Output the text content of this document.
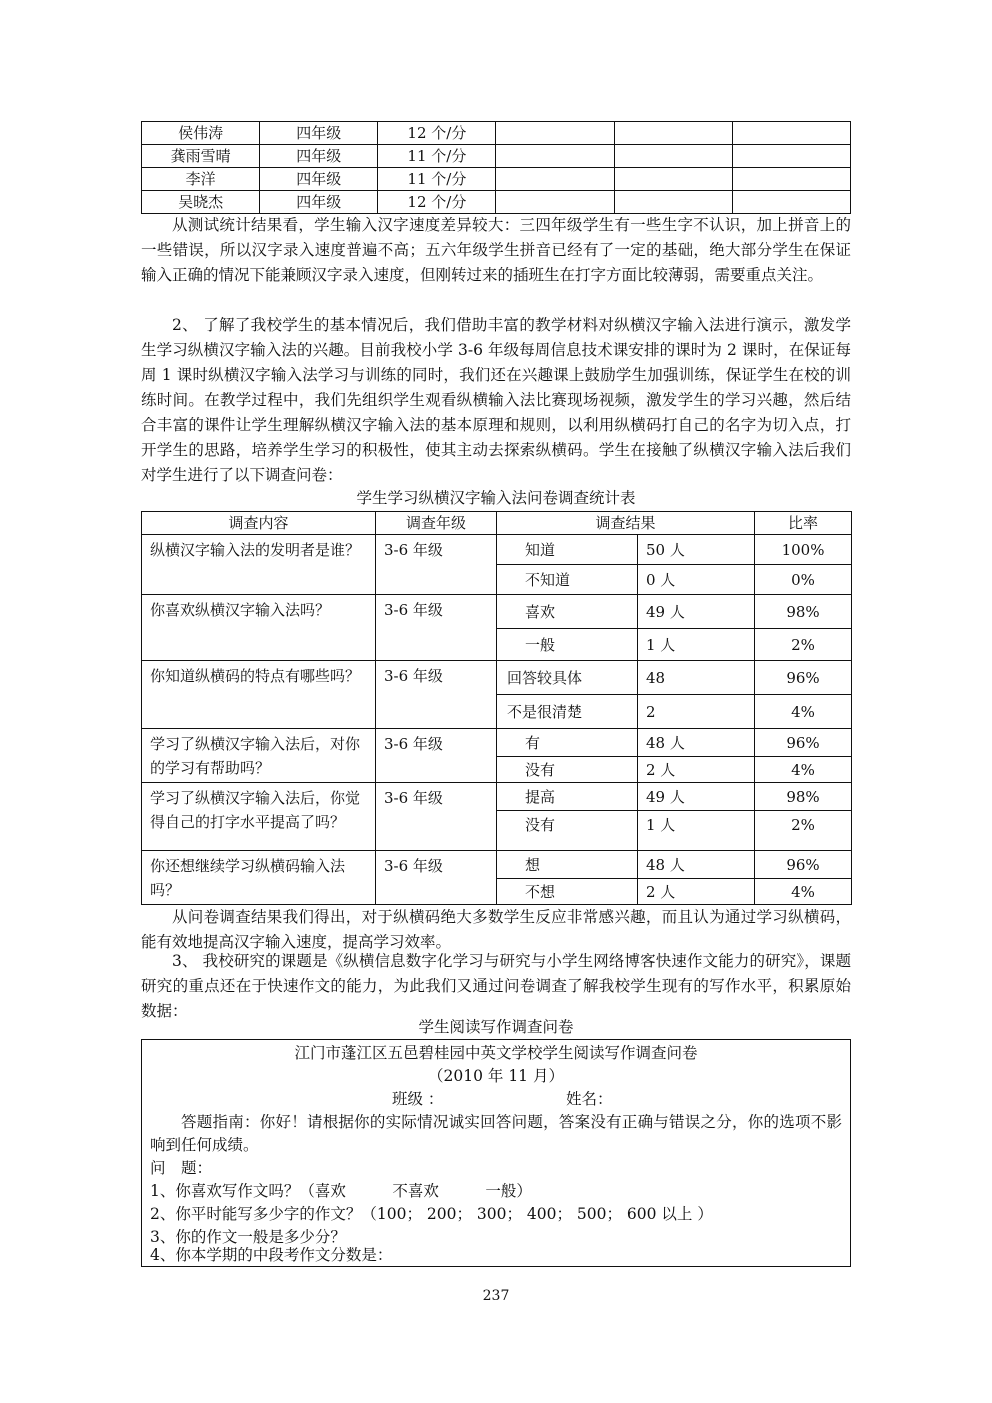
侯伟涛	四年级	12 个/分			
龚雨雪晴	四年级	11 个/分			
李洋	四年级	11 个/分			
吴晓杰	四年级	12 个/分			

从测试统计结果看，学生输入汉字速度差异较大：三四年级学生有一些生字不认识，加上拼音上的一些错误，所以汉字录入速度普遍不高；五六年级学生拼音已经有了一定的基础，绝大部分学生在保证输入正确的情况下能兼顾汉字录入速度，但刚转过来的插班生在打字方面比较薄弱，需要重点关注。

2、 了解了我校学生的基本情况后，我们借助丰富的教学材料对纵横汉字输入法进行演示，激发学生学习纵横汉字输入法的兴趣。目前我校小学 3-6 年级每周信息技术课安排的课时为 2 课时，在保证每周 1 课时纵横汉字输入法学习与训练的同时，我们还在兴趣课上鼓励学生加强训练，保证学生在校的训练时间。在教学过程中，我们先组织学生观看纵横输入法比赛现场视频，激发学生的学习兴趣，然后结合丰富的课件让学生理解纵横汉字输入法的基本原理和规则，以利用纵横码打自己的名字为切入点，打开学生的思路，培养学生学习的积极性，使其主动去探索纵横码。学生在接触了纵横汉字输入法后我们对学生进行了以下调查问卷：

学生学习纵横汉字输入法问卷调查统计表

调查内容	调查年级	调查结果		比率
纵横汉字输入法的发明者是谁？	3-6 年级	知道	50 人	100%
		不知道	0 人	0%
你喜欢纵横汉字输入法吗？	3-6 年级	喜欢	49 人	98%
		一般	1 人	2%
你知道纵横码的特点有哪些吗？	3-6 年级	回答较具体	48	96%
		不是很清楚	2	4%
学习了纵横汉字输入法后，对你的学习有帮助吗？	3-6 年级	有	48 人	96%
		没有	2 人	4%
学习了纵横汉字输入法后，你觉得自己的打字水平提高了吗？	3-6 年级	提高	49 人	98%
		没有	1 人	2%
你还想继续学习纵横码输入法吗？	3-6 年级	想	48 人	96%
		不想	2 人	4%

从问卷调查结果我们得出，对于纵横码绝大多数学生反应非常感兴趣，而且认为通过学习纵横码，能有效地提高汉字输入速度，提高学习效率。

3、 我校研究的课题是《纵横信息数字化学习与研究与小学生网络博客快速作文能力的研究》，课题研究的重点还在于快速作文的能力，为此我们又通过问卷调查了解我校学生现有的写作水平，积累原始数据：

学生阅读写作调查问卷

江门市蓬江区五邑碧桂园中英文学校学生阅读写作调查问卷
（2010 年 11 月）
班级 ：	姓名：
答题指南：你好！请根据你的实际情况诚实回答问题，答案没有正确与错误之分，你的选项不影响到任何成绩。
问　题：
1、你喜欢写作文吗？（喜欢　　　不喜欢　　　一般）
2、你平时能写多少字的作文？（100； 200； 300； 400； 500； 600 以上 ）
3、你的作文一般是多少分？
4、你本学期的中段考作文分数是：
237
